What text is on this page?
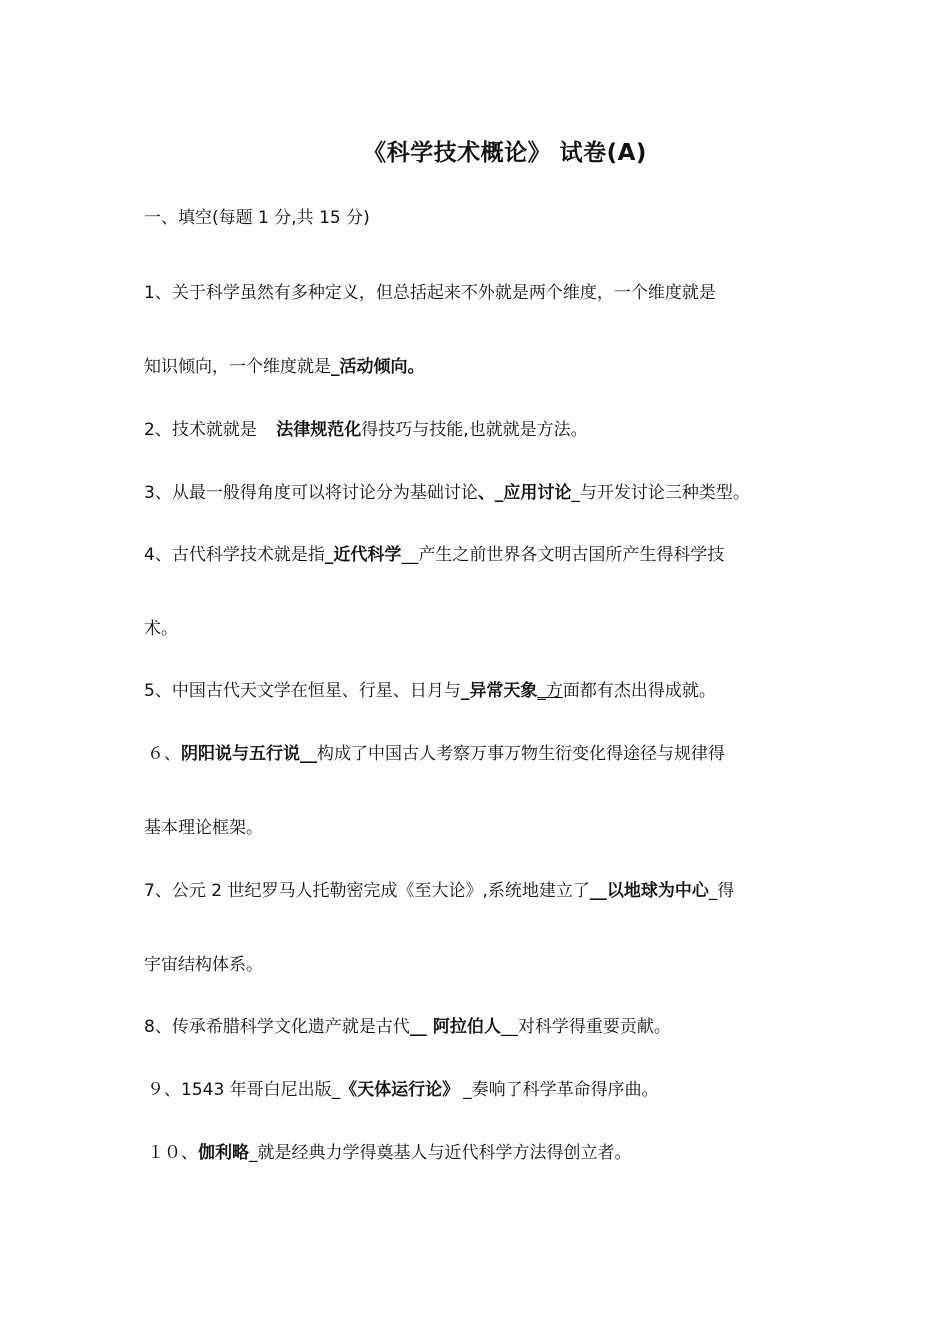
《科学技术概论》 试卷(A)
一、填空(每题 1 分,共 15 分)
1、关于科学虽然有多种定义，但总括起来不外就是两个维度，一个维度就是
知识倾向，一个维度就是_活动倾向。
2、技术就就是 法律规范化得技巧与技能,也就就是方法。
3、从最一般得角度可以将讨论分为基础讨论、_应用讨论_与开发讨论三种类型。
4、古代科学技术就是指_近代科学__产生之前世界各文明古国所产生得科学技
术。
5、中国古代天文学在恒星、行星、日月与_异常天象_方面都有杰出得成就。
６、阴阳说与五行说__构成了中国古人考察万事万物生衍变化得途径与规律得
基本理论框架。
7、公元 2 世纪罗马人托勒密完成《至大论》,系统地建立了__以地球为中心_得
宇宙结构体系。
8、传承希腊科学文化遗产就是古代__ 阿拉伯人__对科学得重要贡献。
９、1543 年哥白尼出版_《天体运行论》 _奏响了科学革命得序曲。
１０、伽利略_就是经典力学得奠基人与近代科学方法得创立者。
